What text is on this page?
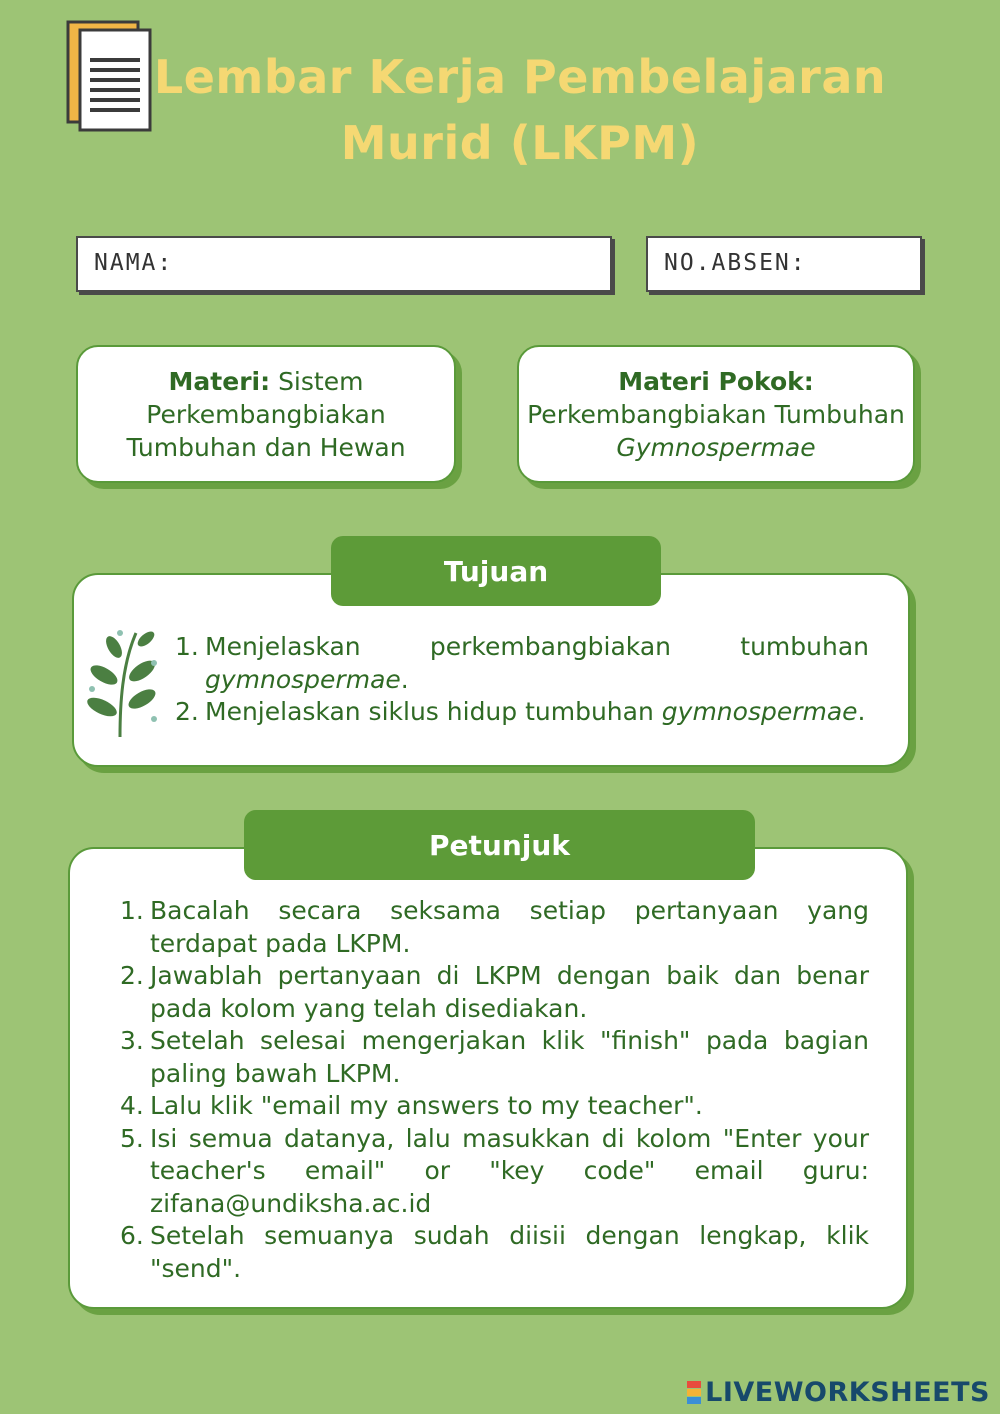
Lembar Kerja Pembelajaran
Murid (LKPM)
NAMA:	NO.ABSEN:
Materi: Sistem Perkembangbiakan Tumbuhan dan Hewan
Materi Pokok:
Perkembangbiakan Tumbuhan Gymnospermae
Tujuan
1. Menjelaskan perkembangbiakan tumbuhan gymnospermae.
2. Menjelaskan siklus hidup tumbuhan gymnospermae.
Petunjuk
1. Bacalah secara seksama setiap pertanyaan yang terdapat pada LKPM.
2. Jawablah pertanyaan di LKPM dengan baik dan benar pada kolom yang telah disediakan.
3. Setelah selesai mengerjakan klik "finish" pada bagian paling bawah LKPM.
4. Lalu klik "email my answers to my teacher".
5. Isi semua datanya, lalu masukkan di kolom "Enter your teacher's email" or "key code" email guru: zifana@undiksha.ac.id
6. Setelah semuanya sudah diisii dengan lengkap, klik "send".
LIVEWORKSHEETS
